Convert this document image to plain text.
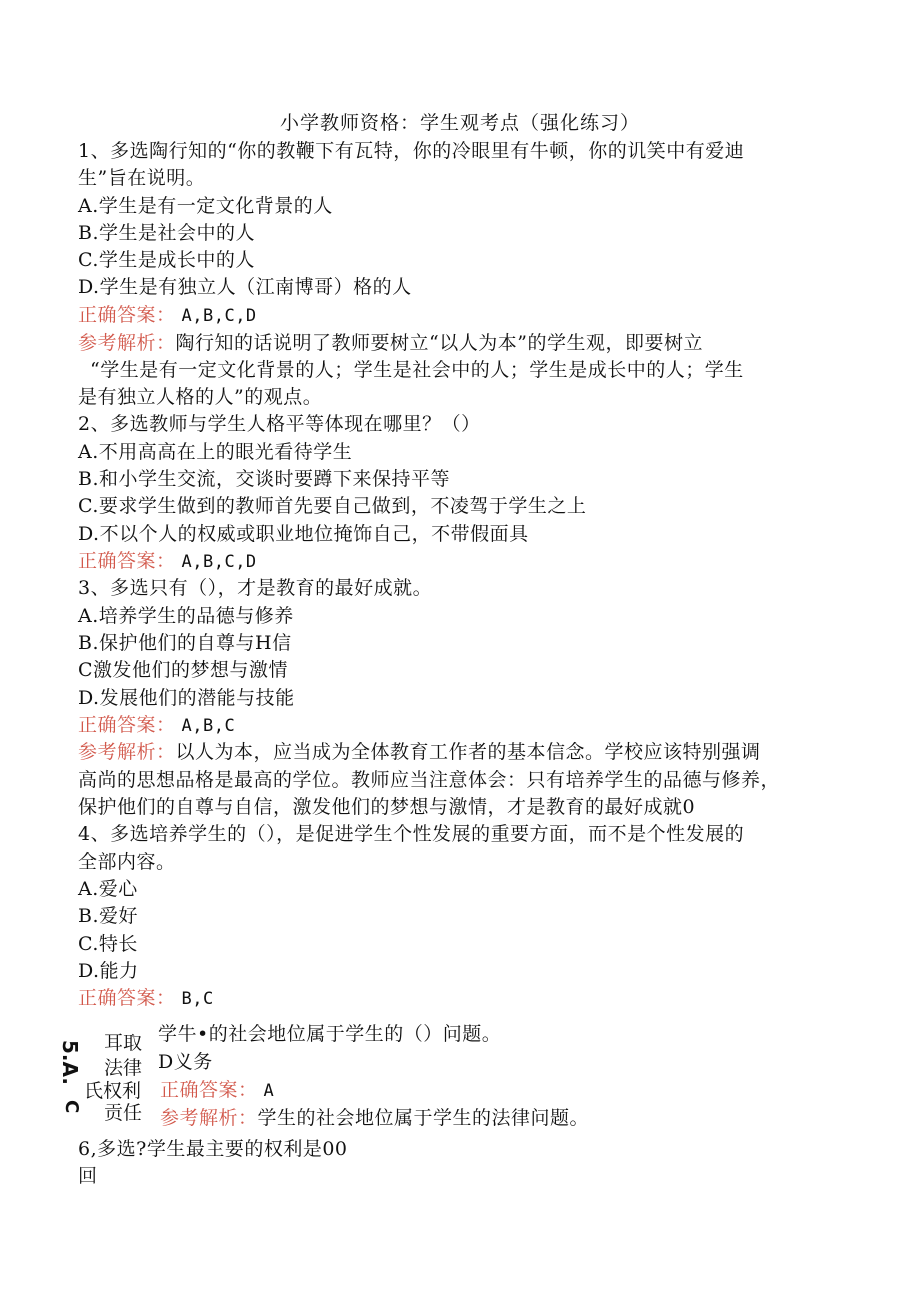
小学教师资格：学生观考点（强化练习）
1、多选陶行知的“你的教鞭下有瓦特，你的冷眼里有牛顿，你的讥笑中有爱迪
生”旨在说明。
A.学生是有一定文化背景的人
B.学生是社会中的人
C.学生是成长中的人
D.学生是有独立人（江南博哥）格的人
正确答案： A,B,C,D
参考解析：陶行知的话说明了教师要树立“以人为本”的学生观，即要树立
“学生是有一定文化背景的人；学生是社会中的人；学生是成长中的人；学生
是有独立人格的人”的观点。
2、多选教师与学生人格平等体现在哪里？（）
A.不用高高在上的眼光看待学生
B.和小学生交流，交谈时要蹲下来保持平等
C.要求学生做到的教师首先要自己做到，不凌驾于学生之上
D.不以个人的权威或职业地位掩饰自己，不带假面具
正确答案： A,B,C,D
3、多选只有（），才是教育的最好成就。
A.培养学生的品德与修养
B.保护他们的自尊与H信
C激发他们的梦想与激情
D.发展他们的潜能与技能
正确答案： A,B,C
参考解析：以人为本，应当成为全体教育工作者的基本信念。学校应该特别强调
高尚的思想品格是最高的学位。教师应当注意体会：只有培养学生的品德与修养，
保护他们的自尊与自信，激发他们的梦想与激情，才是教育的最好成就0
4、多选培养学生的（），是促进学生个性发展的重要方面，而不是个性发展的
全部内容。
A.爱心
B.爱好
C.特长
D.能力
正确答案： B,C
5.A.
C
耳取
法律
氏权利
贡任
学牛•的社会地位属于学生的（）问题。
D义务
正确答案： A
参考解析：学生的社会地位属于学生的法律问题。
6,多选?学生最主要的权利是00
回
